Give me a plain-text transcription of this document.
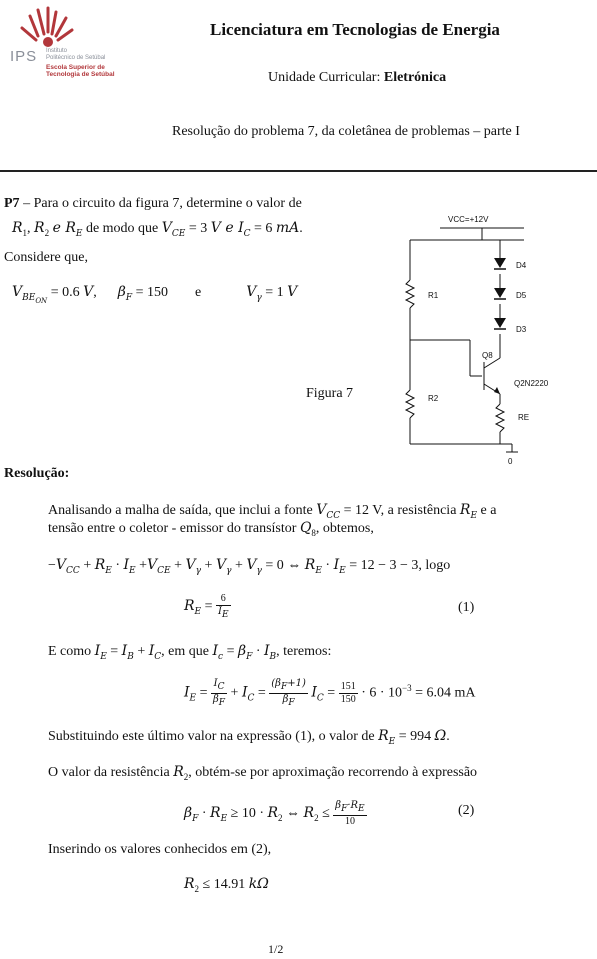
IPS Instituto
Politécnico de Setúbal
Escola Superior de
Tecnologia de Setúbal
Licenciatura em Tecnologias de Energia
Unidade Curricular: Eletrónica
Resolução do problema 7, da coletânea de problemas – parte I
P7 – Para o circuito da figura 7, determine o valor de
$R_1$, $R_2$ e $R_E$ de modo que $V_{CE} = 3$ V e $I_C = 6$ mA.
Considere que,
$V_{BE_{ON}} = 0.6$ V,  $\beta_F = 150$  e	$V_\gamma = 1$ V
VCC=+12V
D4
D5
D3
R1
Q8
Q2N2220
R2
RE
0
Figura 7
Resolução:
Analisando a malha de saída, que inclui a fonte $V_{CC} = 12$ V, a resistência $R_E$ e a
tensão entre o coletor - emissor do transístor $Q_8$, obtemos,
$-V_{CC} + R_E \cdot I_E +V_{CE} + V_\gamma + V_\gamma + V_\gamma = 0$ ⇔ $R_E \cdot I_E = 12 - 3 - 3$, logo
$R_E = \frac{6}{I_E}$	(1)
E como $I_E = I_B + I_C$, em que $I_c = \beta_F \cdot I_B$, teremos:
$I_E = \frac{I_C}{\beta_F} + I_C = \frac{(\beta_F+1)}{\beta_F} I_C = \frac{151}{150} \cdot 6 \cdot 10^{-3} = 6.04$ mA
Substituindo este último valor na expressão (1), o valor de $R_E = 994$ Ω.
O valor da resistência $R_2$, obtém-se por aproximação recorrendo à expressão
$\beta_F \cdot R_E \ge 10 \cdot R_2$ ⇔ $R_2 \le \frac{\beta_F\cdot R_E}{10}$	(2)
Inserindo os valores conhecidos em (2),
$R_2 \le 14.91$ kΩ
1/2
